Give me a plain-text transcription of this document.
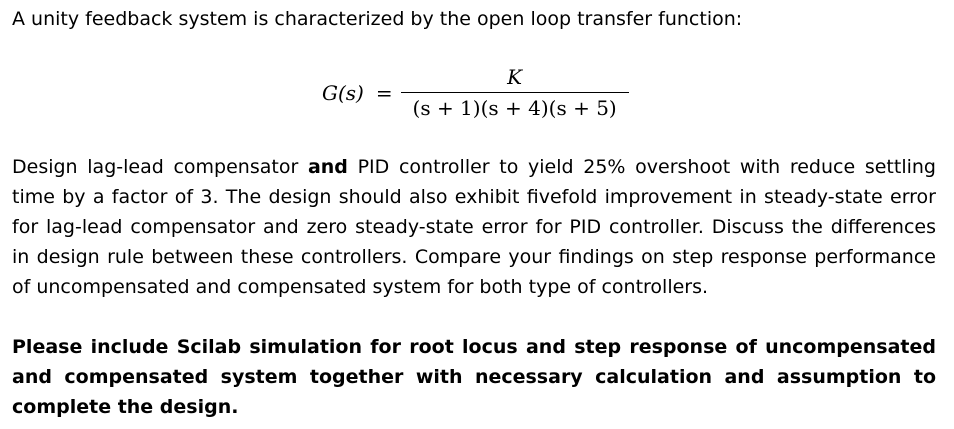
A unity feedback system is characterized by the open loop transfer function:
$G(s) = \frac{K}{(s + 1)(s + 4)(s + 5)}$

Design lag-lead compensator and PID controller to yield 25% overshoot with reduce settling time by a factor of 3. The design should also exhibit fivefold improvement in steady-state error for lag-lead compensator and zero steady-state error for PID controller. Discuss the differences in design rule between these controllers. Compare your findings on step response performance of uncompensated and compensated system for both type of controllers.

Please include Scilab simulation for root locus and step response of uncompensated and compensated system together with necessary calculation and assumption to complete the design.
